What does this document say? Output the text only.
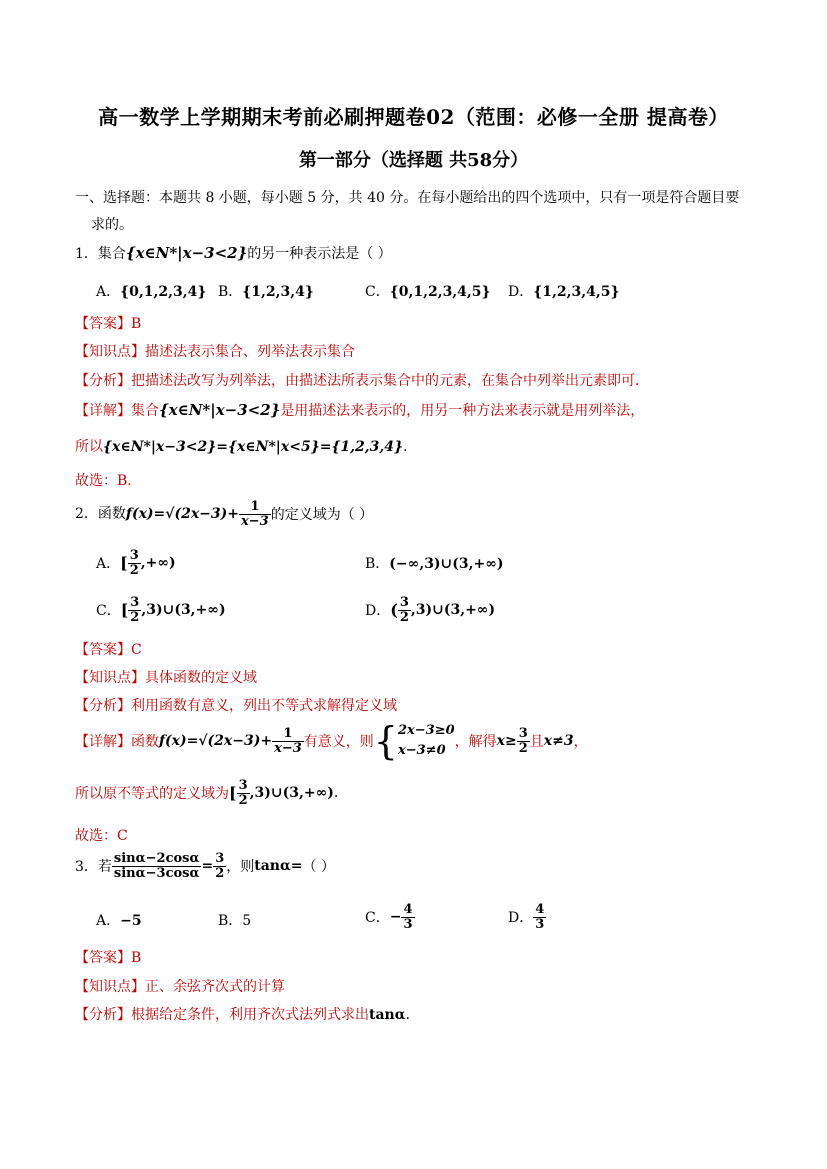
高一数学上学期期末考前必刷押题卷02（范围：必修一全册 提高卷）
第一部分（选择题 共58分）
一、选择题：本题共 8 小题，每小题 5 分，共 40 分。在每小题给出的四个选项中，只有一项是符合题目要
求的。
1．集合{x∈N*|x−3<2}的另一种表示法是（ ）
A．{0,1,2,3,4} B．{1,2,3,4}	C．{0,1,2,3,4,5} D．{1,2,3,4,5}
【答案】B
【知识点】描述法表示集合、列举法表示集合
【分析】把描述法改写为列举法，由描述法所表示集合中的元素，在集合中列举出元素即可．
【详解】集合{x∈N*|x−3<2}是用描述法来表示的，用另一种方法来表示就是用列举法，
所以{x∈N*|x−3<2}={x∈N*|x<5}={1,2,3,4}.
故选：B.
2．函数$f(x)=√(2x-3)+ \frac{1}{x-3}$ 的定义域为（ ）
A．[ $\frac{3}{2}$ ,+∞)	B．(−∞,3)∪(3,+∞)
C．[ $\frac{3}{2}$ ,3)∪(3,+∞)	D．( $\frac{3}{2}$ ,3)∪(3,+∞)
【答案】C
【知识点】具体函数的定义域
【分析】利用函数有意义，列出不等式求解得定义域
【详解】函数$f(x)=√(2x-3)+ \frac{1}{x-3}$ 有意义，则{ 2x−3≥0
x−3≠0
，解得$x\ge \frac{3}{2}$ 且x≠3，
所以原不等式的定义域为[ $\frac{3}{2}$ ,3)∪(3,+∞).
故选：C
3．若 $\frac{\sin\alpha-2\cos\alpha}{\sin\alpha-3\cos\alpha} = \frac{3}{2}$ ，则tanα=（ ）
A．−5	B．5	C．− $\frac{4}{3}$	D． $\frac{4}{3}$
【答案】B
【知识点】正、余弦齐次式的计算
【分析】根据给定条件，利用齐次式法列式求出tanα.
